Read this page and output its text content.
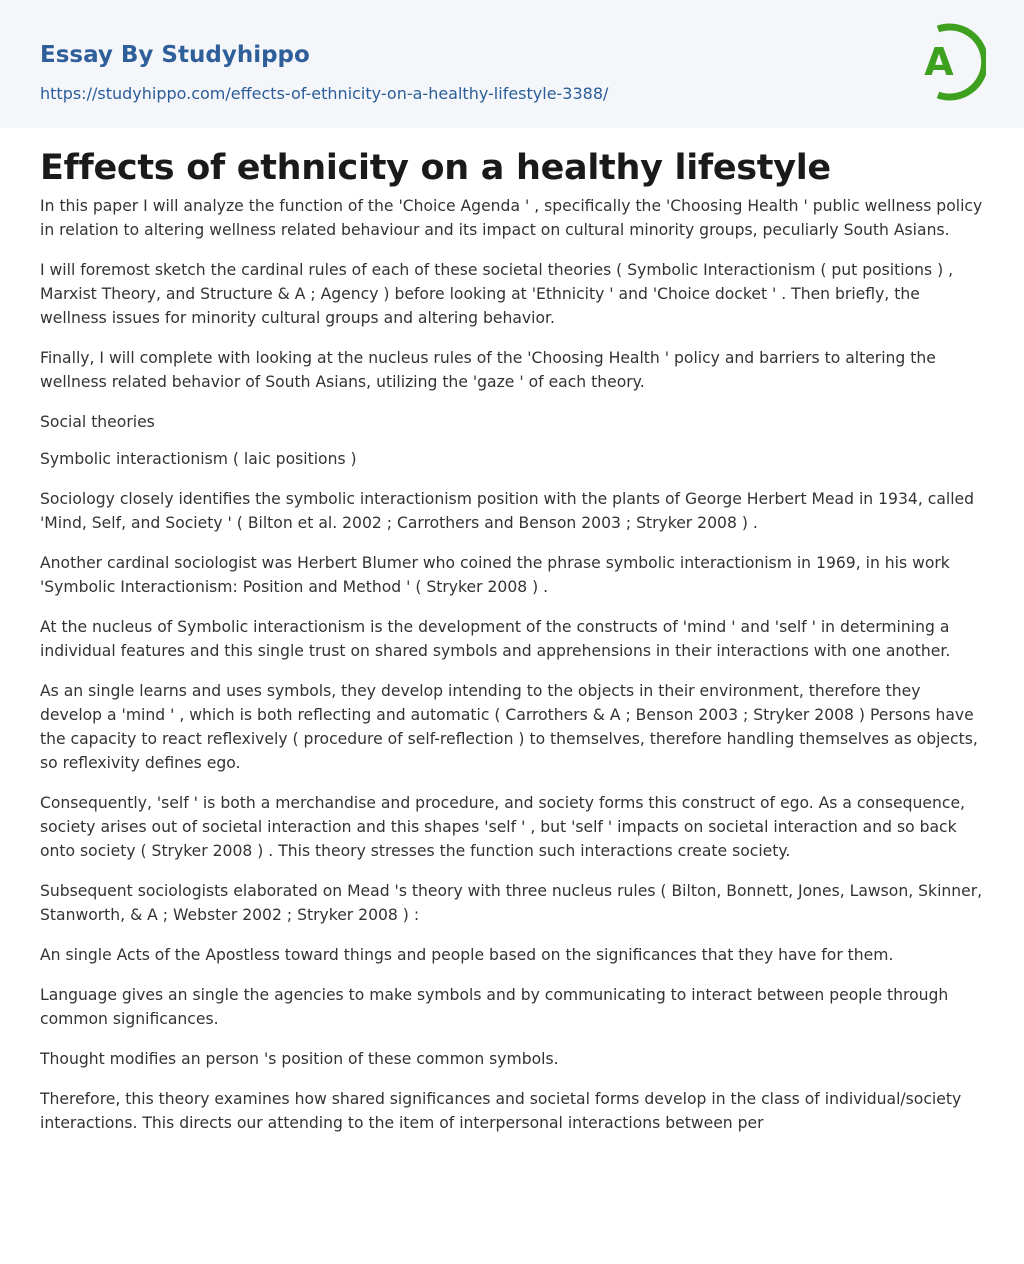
Essay By Studyhippo
https://studyhippo.com/effects-of-ethnicity-on-a-healthy-lifestyle-3388/
A
Effects of ethnicity on a healthy lifestyle

In this paper I will analyze the function of the 'Choice Agenda ' , specifically the 'Choosing Health ' public wellness policy in relation to altering wellness related behaviour and its impact on cultural minority groups, peculiarly South Asians.

I will foremost sketch the cardinal rules of each of these societal theories ( Symbolic Interactionism ( put positions ) , Marxist Theory, and Structure & A ; Agency ) before looking at 'Ethnicity ' and 'Choice docket ' . Then briefly, the wellness issues for minority cultural groups and altering behavior.

Finally, I will complete with looking at the nucleus rules of the 'Choosing Health ' policy and barriers to altering the wellness related behavior of South Asians, utilizing the 'gaze ' of each theory.

Social theories

Symbolic interactionism ( laic positions )

Sociology closely identifies the symbolic interactionism position with the plants of George Herbert Mead in 1934, called 'Mind, Self, and Society ' ( Bilton et al. 2002 ; Carrothers and Benson 2003 ; Stryker 2008 ) .

Another cardinal sociologist was Herbert Blumer who coined the phrase symbolic interactionism in 1969, in his work 'Symbolic Interactionism: Position and Method ' ( Stryker 2008 ) .

At the nucleus of Symbolic interactionism is the development of the constructs of 'mind ' and 'self ' in determining a individual features and this single trust on shared symbols and apprehensions in their interactions with one another.

As an single learns and uses symbols, they develop intending to the objects in their environment, therefore they develop a 'mind ' , which is both reflecting and automatic ( Carrothers & A ; Benson 2003 ; Stryker 2008 ) Persons have the capacity to react reflexively ( procedure of self-reflection ) to themselves, therefore handling themselves as objects, so reflexivity defines ego.

Consequently, 'self ' is both a merchandise and procedure, and society forms this construct of ego. As a consequence, society arises out of societal interaction and this shapes 'self ' , but 'self ' impacts on societal interaction and so back onto society ( Stryker 2008 ) . This theory stresses the function such interactions create society.

Subsequent sociologists elaborated on Mead 's theory with three nucleus rules ( Bilton, Bonnett, Jones, Lawson, Skinner, Stanworth, & A ; Webster 2002 ; Stryker 2008 ) :

An single Acts of the Apostless toward things and people based on the significances that they have for them.

Language gives an single the agencies to make symbols and by communicating to interact between people through common significances.

Thought modifies an person 's position of these common symbols.

Therefore, this theory examines how shared significances and societal forms develop in the class of individual/society interactions. This directs our attending to the item of interpersonal interactions between per
